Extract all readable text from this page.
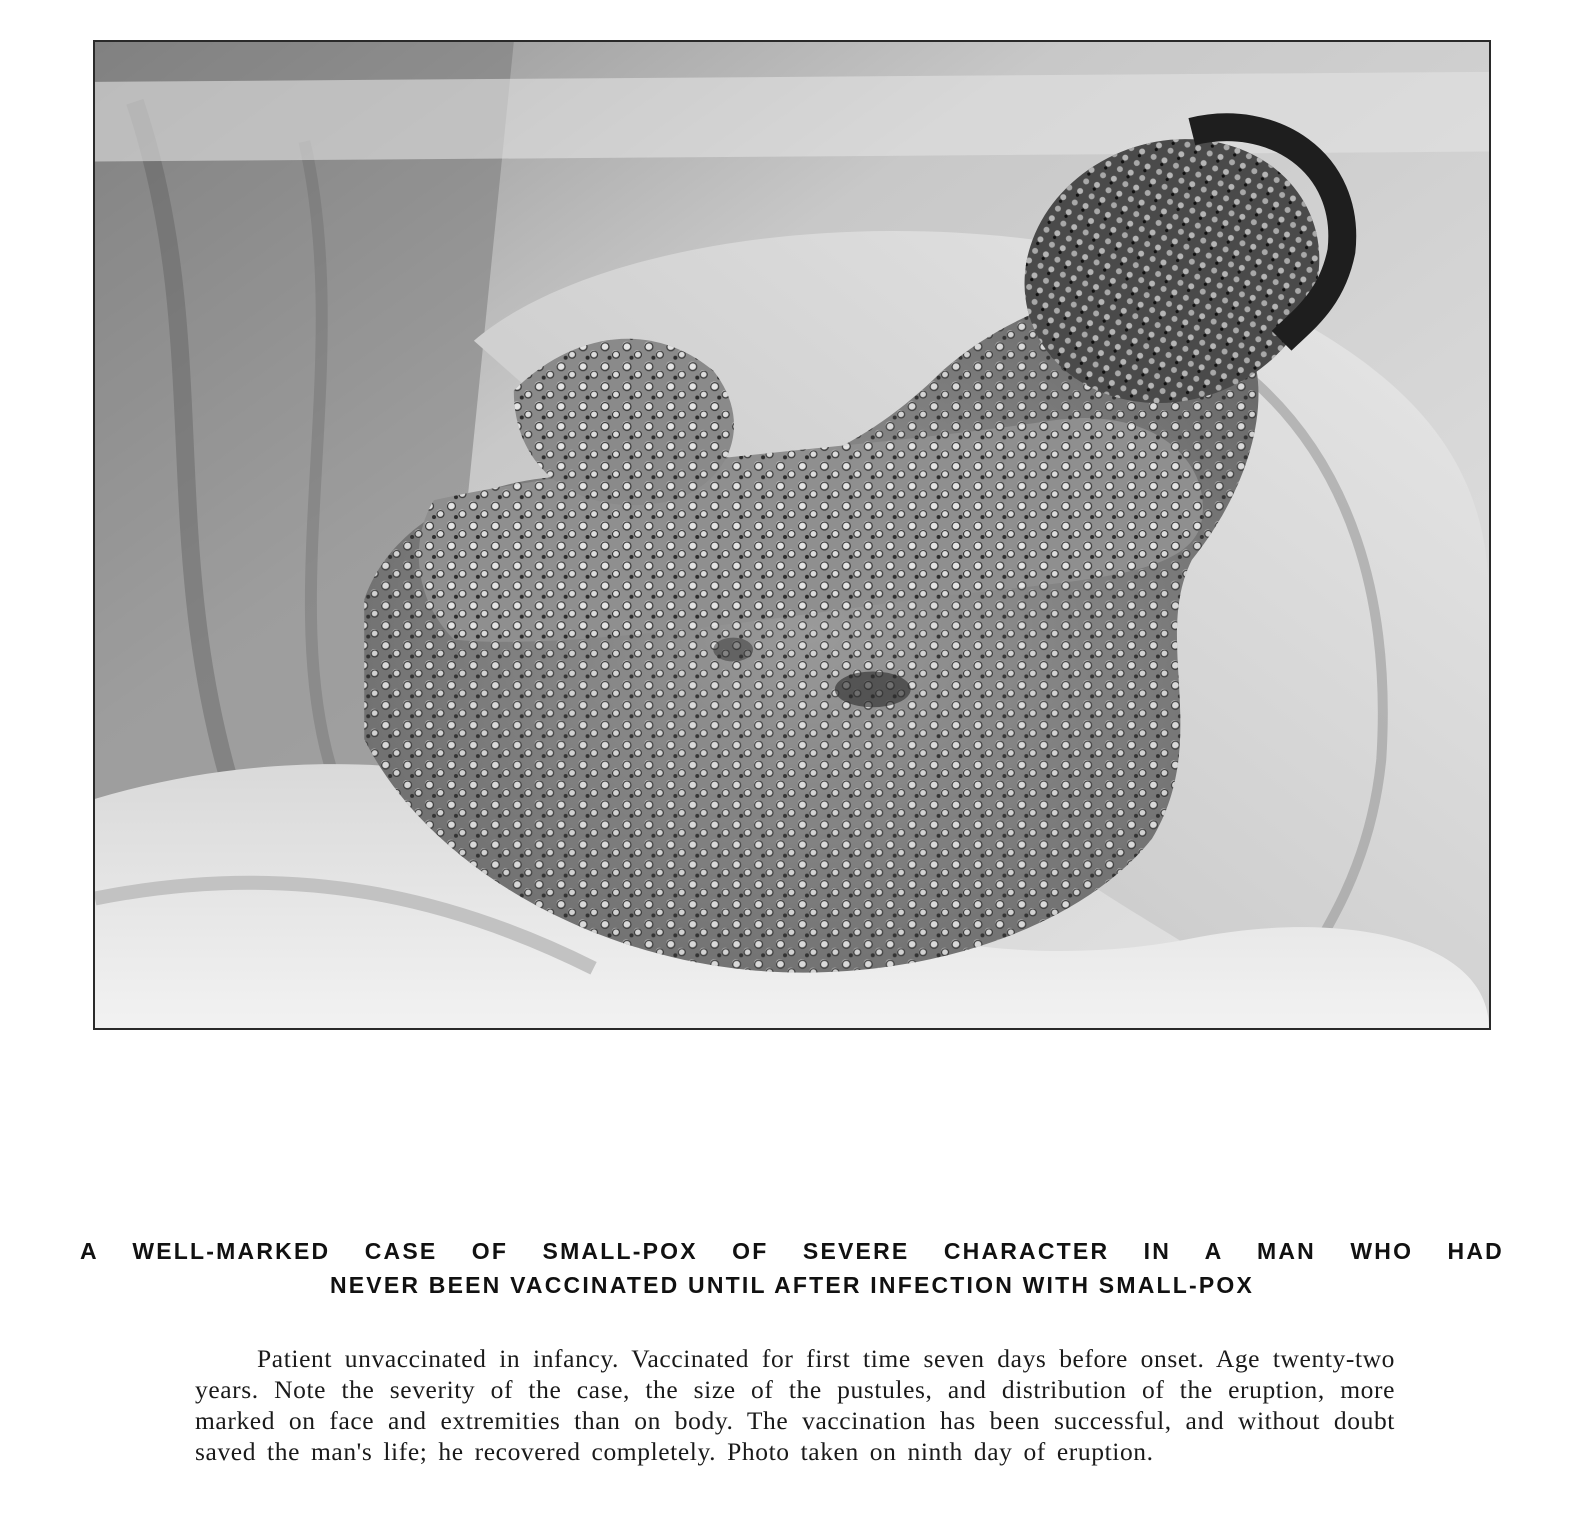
A WELL-MARKED CASE OF SMALL-POX OF SEVERE CHARACTER IN A MAN WHO HAD
NEVER BEEN VACCINATED UNTIL AFTER INFECTION WITH SMALL-POX
Patient unvaccinated in infancy. Vaccinated for first time seven days before onset. Age twenty-two years. Note the severity of the case, the size of the pustules, and distribution of the eruption, more marked on face and extremities than on body. The vaccination has been successful, and without doubt saved the man's life; he recovered completely. Photo taken on ninth day of eruption.
